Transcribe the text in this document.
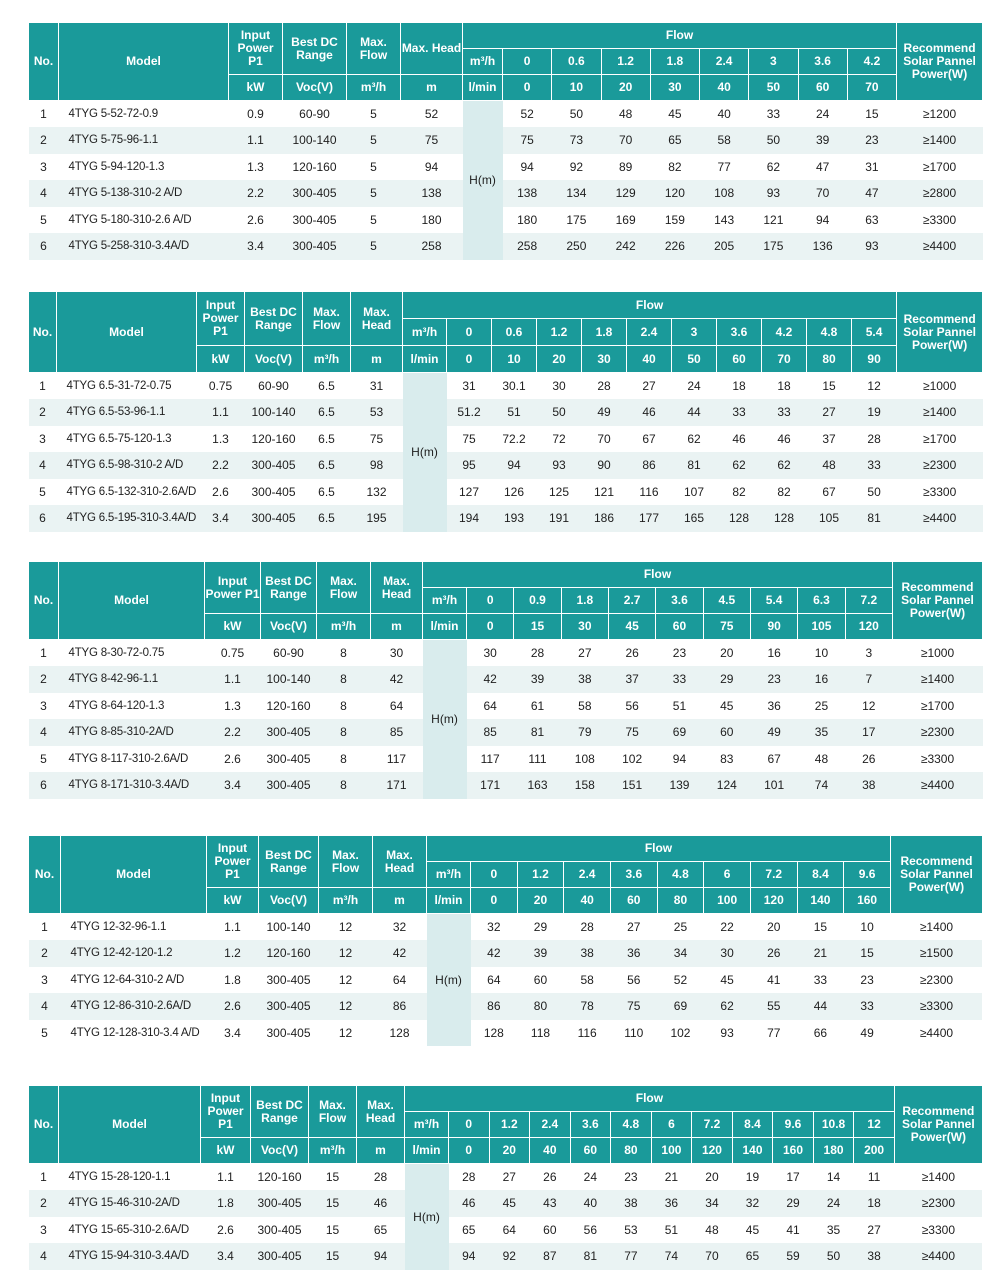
No.	Model	Input Power P1	Best DC Range	Max. Flow	Max. Head	Flow									Recommend Solar Pannel Power(W)
						m³/h	0	0.6	1.2	1.8	2.4	3	3.6	4.2	
		kW	Voc(V)	m³/h	m	l/min	0	10	20	30	40	50	60	70	
1	4TYG 5-52-72-0.9	0.9	60-90	5	52	H(m)	52	50	48	45	40	33	24	15	≥1200
2	4TYG 5-75-96-1.1	1.1	100-140	5	75		75	73	70	65	58	50	39	23	≥1400
3	4TYG 5-94-120-1.3	1.3	120-160	5	94		94	92	89	82	77	62	47	31	≥1700
4	4TYG 5-138-310-2 A/D	2.2	300-405	5	138		138	134	129	120	108	93	70	47	≥2800
5	4TYG 5-180-310-2.6 A/D	2.6	300-405	5	180		180	175	169	159	143	121	94	63	≥3300
6	4TYG 5-258-310-3.4A/D	3.4	300-405	5	258		258	250	242	226	205	175	136	93	≥4400
No.	Model	Input Power P1	Best DC Range	Max. Flow	Max. Head	Flow											Recommend Solar Pannel Power(W)
						m³/h	0	0.6	1.2	1.8	2.4	3	3.6	4.2	4.8	5.4	
		kW	Voc(V)	m³/h	m	l/min	0	10	20	30	40	50	60	70	80	90	
1	4TYG 6.5-31-72-0.75	0.75	60-90	6.5	31	H(m)	31	30.1	30	28	27	24	18	18	15	12	≥1000
2	4TYG 6.5-53-96-1.1	1.1	100-140	6.5	53		51.2	51	50	49	46	44	33	33	27	19	≥1400
3	4TYG 6.5-75-120-1.3	1.3	120-160	6.5	75		75	72.2	72	70	67	62	46	46	37	28	≥1700
4	4TYG 6.5-98-310-2 A/D	2.2	300-405	6.5	98		95	94	93	90	86	81	62	62	48	33	≥2300
5	4TYG 6.5-132-310-2.6A/D	2.6	300-405	6.5	132		127	126	125	121	116	107	82	82	67	50	≥3300
6	4TYG 6.5-195-310-3.4A/D	3.4	300-405	6.5	195		194	193	191	186	177	165	128	128	105	81	≥4400
No.	Model	Input Power P1	Best DC Range	Max. Flow	Max. Head	Flow										Recommend Solar Pannel Power(W)
						m³/h	0	0.9	1.8	2.7	3.6	4.5	5.4	6.3	7.2	
		kW	Voc(V)	m³/h	m	l/min	0	15	30	45	60	75	90	105	120	
1	4TYG 8-30-72-0.75	0.75	60-90	8	30	H(m)	30	28	27	26	23	20	16	10	3	≥1000
2	4TYG 8-42-96-1.1	1.1	100-140	8	42		42	39	38	37	33	29	23	16	7	≥1400
3	4TYG 8-64-120-1.3	1.3	120-160	8	64		64	61	58	56	51	45	36	25	12	≥1700
4	4TYG 8-85-310-2A/D	2.2	300-405	8	85		85	81	79	75	69	60	49	35	17	≥2300
5	4TYG 8-117-310-2.6A/D	2.6	300-405	8	117		117	111	108	102	94	83	67	48	26	≥3300
6	4TYG 8-171-310-3.4A/D	3.4	300-405	8	171		171	163	158	151	139	124	101	74	38	≥4400
No.	Model	Input Power P1	Best DC Range	Max. Flow	Max. Head	Flow										Recommend Solar Pannel Power(W)
						m³/h	0	1.2	2.4	3.6	4.8	6	7.2	8.4	9.6	
		kW	Voc(V)	m³/h	m	l/min	0	20	40	60	80	100	120	140	160	
1	4TYG 12-32-96-1.1	1.1	100-140	12	32	H(m)	32	29	28	27	25	22	20	15	10	≥1400
2	4TYG 12-42-120-1.2	1.2	120-160	12	42		42	39	38	36	34	30	26	21	15	≥1500
3	4TYG 12-64-310-2 A/D	1.8	300-405	12	64		64	60	58	56	52	45	41	33	23	≥2300
4	4TYG 12-86-310-2.6A/D	2.6	300-405	12	86		86	80	78	75	69	62	55	44	33	≥3300
5	4TYG 12-128-310-3.4 A/D	3.4	300-405	12	128		128	118	116	110	102	93	77	66	49	≥4400
No.	Model	Input Power P1	Best DC Range	Max. Flow	Max. Head	Flow												Recommend Solar Pannel Power(W)
						m³/h	0	1.2	2.4	3.6	4.8	6	7.2	8.4	9.6	10.8	12	
		kW	Voc(V)	m³/h	m	l/min	0	20	40	60	80	100	120	140	160	180	200	
1	4TYG 15-28-120-1.1	1.1	120-160	15	28	H(m)	28	27	26	24	23	21	20	19	17	14	11	≥1400
2	4TYG 15-46-310-2A/D	1.8	300-405	15	46		46	45	43	40	38	36	34	32	29	24	18	≥2300
3	4TYG 15-65-310-2.6A/D	2.6	300-405	15	65		65	64	60	56	53	51	48	45	41	35	27	≥3300
4	4TYG 15-94-310-3.4A/D	3.4	300-405	15	94		94	92	87	81	77	74	70	65	59	50	38	≥4400
